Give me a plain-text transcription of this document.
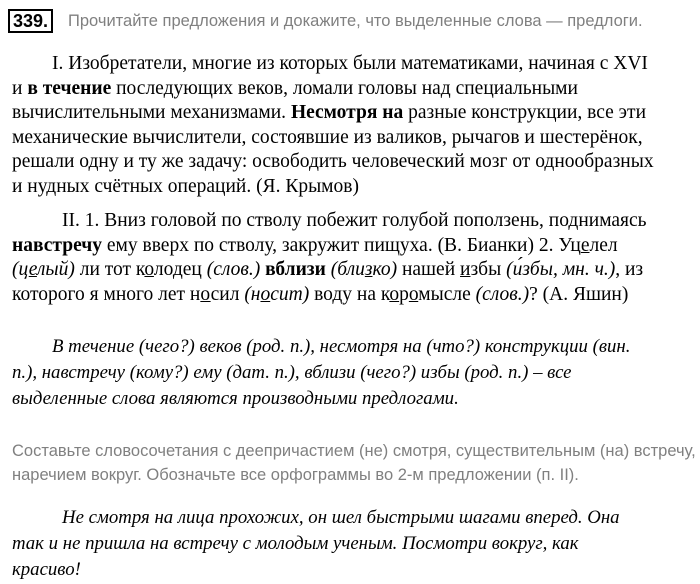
339.	Прочитайте предложения и докажите, что выделенные слова — предлоги.
I. Изобретатели, многие из которых были математиками, начиная с XVI
и в течение последующих веков, ломали головы над специальными
вычислительными механизмами. Несмотря на разные конструкции, все эти
механические вычислители, состоявшие из валиков, рычагов и шестерёнок,
решали одну и ту же задачу: освободить человеческий мозг от однообразных
и нудных счётных операций. (Я. Крымов)
II. 1. Вниз головой по стволу побежит голубой поползень, поднимаясь
навстречу ему вверх по стволу, закружит пищуха. (В. Бианки) 2. Уцелел
(целый) ли тот колодец (слов.) вблизи (близко) нашей избы (и́збы, мн. ч.), из
которого я много лет носил (носит) воду на коромысле (слов.)? (А. Яшин)
В течение (чего?) веков (род. п.), несмотря на (что?) конструкции (вин.
п.), навстречу (кому?) ему (дат. п.), вблизи (чего?) избы (род. п.) – все
выделенные слова являются производными предлогами.
Составьте словосочетания с деепричастием (не) смотря, существительным (на) встречу,
наречием вокруг. Обозначьте все орфограммы во 2-м предложении (п. II).
Не смотря на лица прохожих, он шел быстрыми шагами вперед. Она
так и не пришла на встречу с молодым ученым. Посмотри вокруг, как
красиво!
